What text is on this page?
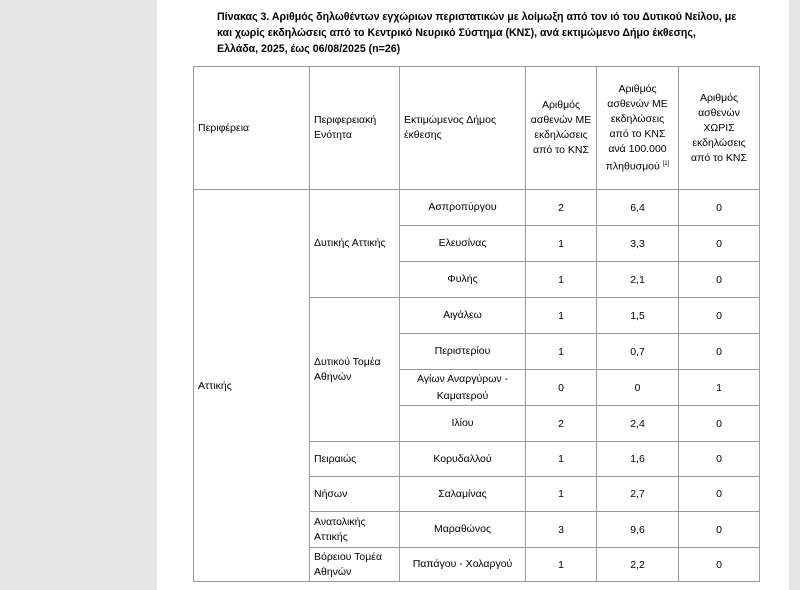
Πίνακας 3. Αριθμός δηλωθέντων εγχώριων περιστατικών με λοίμωξη από τον ιό του Δυτικού Νείλου, με και χωρίς εκδηλώσεις από το Κεντρικό Νευρικό Σύστημα (ΚΝΣ), ανά εκτιμώμενο Δήμο έκθεσης, Ελλάδα, 2025, έως 06/08/2025 (n=26)
Περιφέρεια	Περιφερειακή Ενότητα	Εκτιμώμενος Δήμος έκθεσης	Αριθμός ασθενών ΜΕ εκδηλώσεις από το ΚΝΣ	Αριθμός ασθενών ΜΕ εκδηλώσεις από το ΚΝΣ ανά 100.000 πληθυσμού [1]	Αριθμός ασθενών ΧΩΡΙΣ εκδηλώσεις από το ΚΝΣ
Αττικής	Δυτικής Αττικής	Ασπροπύργου	2	6,4	0
		Ελευσίνας	1	3,3	0
		Φυλής	1	2,1	0
	Δυτικού Τομέα Αθηνών	Αιγάλεω	1	1,5	0
		Περιστερίου	1	0,7	0
		Αγίων Αναργύρων - Καματερού	0	0	1
		Ιλίου	2	2,4	0
	Πειραιώς	Κορυδαλλού	1	1,6	0
	Νήσων	Σαλαμίνας	1	2,7	0
	Ανατολικής Αττικής	Μαραθώνος	3	9,6	0
	Βόρειου Τομέα Αθηνών	Παπάγου - Χολαργού	1	2,2	0
